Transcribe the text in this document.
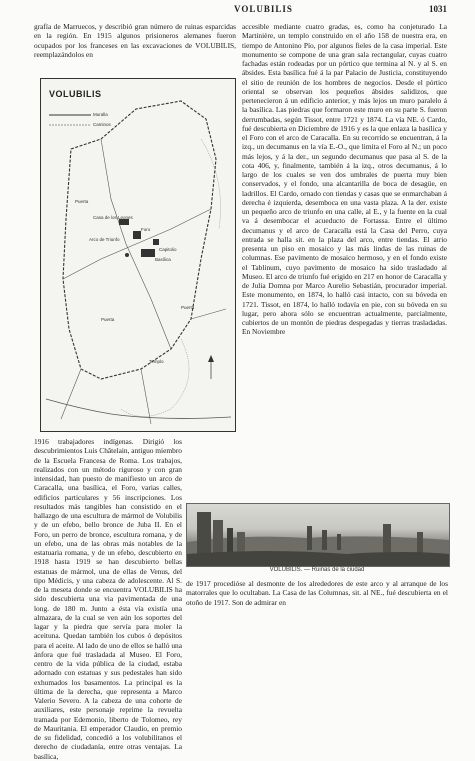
VOLUBILIS	1031

grafía de Marruecos, y describió gran número de ruinas esparcidas en la región. En 1915 algunos prisioneros alemanes fueron ocupados por los franceses en las excavaciones de VOLUBILIS, reemplazándolos en

VOLUBILIS
Muralla
Caminos
Puerta
Casa de los Leones
Arco de Triunfo
Foro
Basílica
Capitolio
Puerta
Puerta
Templo

1916 trabajadores indígenas. Dirigió los descubrimientos Luis Châtelain, antiguo miembro de la Escuela Francesa de Roma. Los trabajos, realizados con un método riguroso y con gran intensidad, han puesto de manifiesto un arco de Caracalla, una basílica, el Foro, varias calles, edificios particulares y 56 inscripciones. Los resultados más tangibles han consistido en el hallazgo de una escultura de mármol de Volubilis y de un efebo, bello bronce de Juba II. En el Foro, un perro de bronce, escultura romana, y de un efebo, una de las obras más notables de la estatuaria romana, y de un efebo, descubierto en 1918 hasta 1919 se han descubierto bellas estatuas de mármol, una de ellas de Venus, del tipo Médicis, y una cabeza de adolescente. Al S. de la meseta donde se encuentra VOLUBILIS ha sido descubierta una via pavimentada de una long. de 180 m. Junto a ésta vía existía una almazara, de la cual se ven aún los soportes del lagar y la piedra que servía para moler la aceituna. Quedan también los cubos ó depósitos para el aceite. Al lado de uno de ellos se halló una ánfora que fué trasladada al Museo. El Foro, centro de la vida pública de la ciudad, estaba adornado con estatuas y sus pedestales han sido exhumados los basamentos. La principal es la última de la derecha, que representa a Marco Valerio Severo. A la cabeza de una cohorte de auxiliares, este personaje reprime la revuelta tramada por Edemonio, liberto de Tolomeo, rey de Mauritania. El emperador Claudio, en premio de su fidelidad, concedió a los volubilitanos el derecho de ciudadanía, entre otras ventajas. La basílica,

accesible mediante cuatro gradas, es, como ha conjeturado La Martinière, un templo construido en el año 158 de nuestra era, en tiempo de Antonino Pío, por algunos fieles de la casa imperial. Este monumento se compone de una gran sala rectangular, cuyas cuatro fachadas están rodeadas por un pórtico que termina al N. y al S. en ábsides. Esta basílica fué á la par Palacio de Justicia, constituyendo el sitio de reunión de los hombres de negocios. Desde el pórtico oriental se observan los pequeños ábsides salidizos, que pertenecieron á un edificio anterior, y más lejos un muro paralelo á la basílica. Las piedras que formaron este muro en su parte S. fueron derrumbadas, según Tissot, entre 1721 y 1874. La vía NE. ó Cardo, fué descubierta en Diciembre de 1916 y es la que enlaza la basílica y el Foro con el arco de Caracalla. En su recorrido se encuentran, á la izq., un decumanus en la vía E.-O., que limita el Foro al N.; un poco más lejos, y á la der., un segundo decumanus que pasa al S. de la cota 406, y, finalmente, también á la izq., otros decumanus, á lo largo de los cuales se ven dos umbrales de puerta muy bien conservados, y el fondo, una alcantarilla de boca de desagüe, en ladrillos. El Cardo, ornado con tiendas y casas que se enmarchaban á derecha é izquierda, desemboca en una vasta plaza. A la der. existe un pequeño arco de triunfo en una calle, al E., y la fuente en la cual va á desembocar el acueducto de Fortassa. Entre el último decumanus y el arco de Caracalla está la Casa del Perro, cuya entrada se halla sit. en la plaza del arco, entre tiendas. El atrio presenta un piso en mosaico y las más lindas de las ruinas de columnas. Ese pavimento de mosaico hermoso, y en el fondo existe el Tablinum, cuyo pavimento de mosaico ha sido trasladado al Museo. El arco de triunfo fué erigido en 217 en honor de Caracalla y de Julia Domna por Marco Aurelio Sebastián, procurador imperial. Este monumento, en 1874, lo halló casi intacto, con su bóveda en 1721. Tissot, en 1874, lo halló todavía en pie, con su bóveda en su lugar, pero ahora sólo se encuentran actualmente, parcialmente, cubiertos de un montón de piedras despegadas y tierras trasladadas. En Noviembre

VOLUBILIS. — Ruinas de la ciudad

de 1917 procedióse al desmonte de los alrededores de este arco y al arranque de los matorrales que lo ocultaban. La Casa de las Columnas, sit. al NE., fué descubierta en el otoño de 1917. Son de admirar en
